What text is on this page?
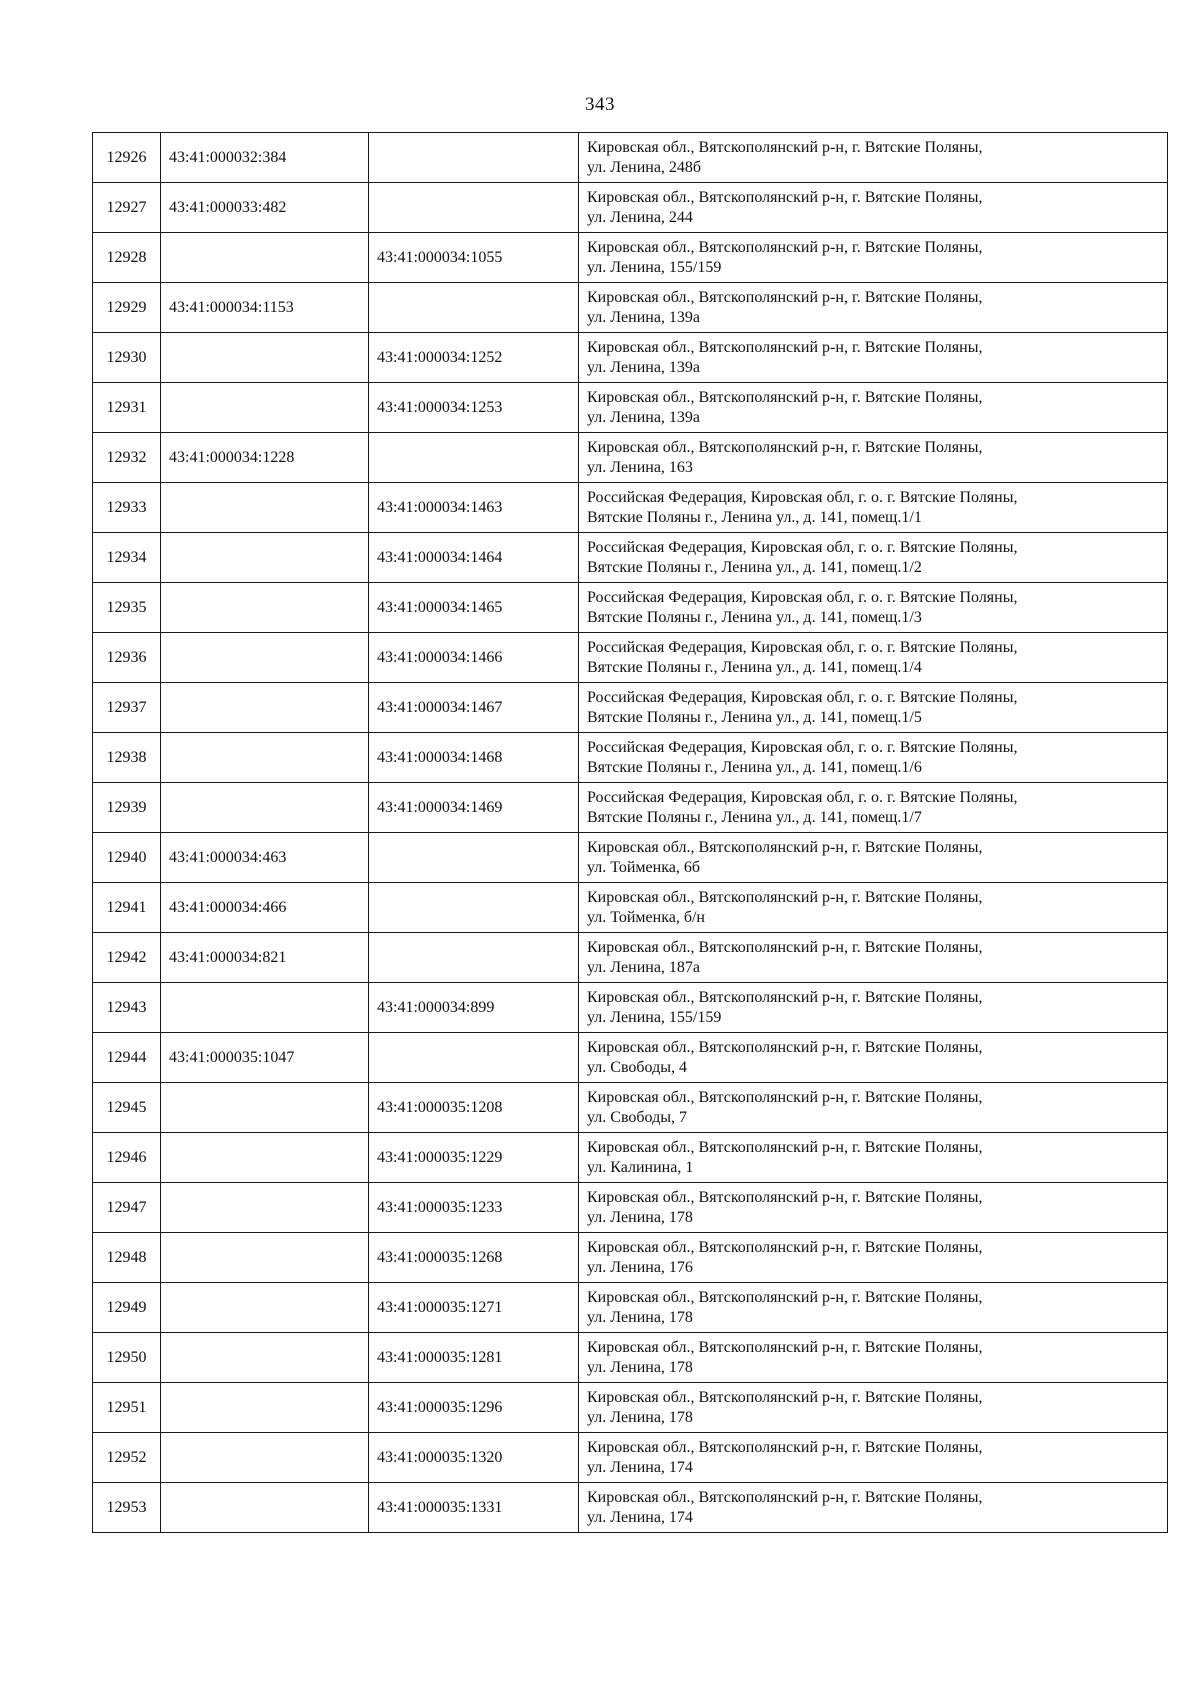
343
12926	43:41:000032:384		Кировская обл., Вятскополянский р-н, г. Вятские Поляны,
ул. Ленина, 248б

12927	43:41:000033:482		Кировская обл., Вятскополянский р-н, г. Вятские Поляны,
ул. Ленина, 244

12928		43:41:000034:1055	Кировская обл., Вятскополянский р-н, г. Вятские Поляны,
ул. Ленина, 155/159

12929	43:41:000034:1153		Кировская обл., Вятскополянский р-н, г. Вятские Поляны,
ул. Ленина, 139а

12930		43:41:000034:1252	Кировская обл., Вятскополянский р-н, г. Вятские Поляны,
ул. Ленина, 139а

12931		43:41:000034:1253	Кировская обл., Вятскополянский р-н, г. Вятские Поляны,
ул. Ленина, 139а

12932	43:41:000034:1228		Кировская обл., Вятскополянский р-н, г. Вятские Поляны,
ул. Ленина, 163

12933		43:41:000034:1463	Российская Федерация, Кировская обл, г. о. г. Вятские Поляны,
Вятские Поляны г., Ленина ул., д. 141, помещ.1/1

12934		43:41:000034:1464	Российская Федерация, Кировская обл, г. о. г. Вятские Поляны,
Вятские Поляны г., Ленина ул., д. 141, помещ.1/2

12935		43:41:000034:1465	Российская Федерация, Кировская обл, г. о. г. Вятские Поляны,
Вятские Поляны г., Ленина ул., д. 141, помещ.1/3

12936		43:41:000034:1466	Российская Федерация, Кировская обл, г. о. г. Вятские Поляны,
Вятские Поляны г., Ленина ул., д. 141, помещ.1/4

12937		43:41:000034:1467	Российская Федерация, Кировская обл, г. о. г. Вятские Поляны,
Вятские Поляны г., Ленина ул., д. 141, помещ.1/5

12938		43:41:000034:1468	Российская Федерация, Кировская обл, г. о. г. Вятские Поляны,
Вятские Поляны г., Ленина ул., д. 141, помещ.1/6

12939		43:41:000034:1469	Российская Федерация, Кировская обл, г. о. г. Вятские Поляны,
Вятские Поляны г., Ленина ул., д. 141, помещ.1/7

12940	43:41:000034:463		Кировская обл., Вятскополянский р-н, г. Вятские Поляны,
ул. Тойменка, 6б

12941	43:41:000034:466		Кировская обл., Вятскополянский р-н, г. Вятские Поляны,
ул. Тойменка, б/н

12942	43:41:000034:821		Кировская обл., Вятскополянский р-н, г. Вятские Поляны,
ул. Ленина, 187а

12943		43:41:000034:899	Кировская обл., Вятскополянский р-н, г. Вятские Поляны,
ул. Ленина, 155/159

12944	43:41:000035:1047		Кировская обл., Вятскополянский р-н, г. Вятские Поляны,
ул. Свободы, 4

12945		43:41:000035:1208	Кировская обл., Вятскополянский р-н, г. Вятские Поляны,
ул. Свободы, 7

12946		43:41:000035:1229	Кировская обл., Вятскополянский р-н, г. Вятские Поляны,
ул. Калинина, 1

12947		43:41:000035:1233	Кировская обл., Вятскополянский р-н, г. Вятские Поляны,
ул. Ленина, 178

12948		43:41:000035:1268	Кировская обл., Вятскополянский р-н, г. Вятские Поляны,
ул. Ленина, 176

12949		43:41:000035:1271	Кировская обл., Вятскополянский р-н, г. Вятские Поляны,
ул. Ленина, 178

12950		43:41:000035:1281	Кировская обл., Вятскополянский р-н, г. Вятские Поляны,
ул. Ленина, 178

12951		43:41:000035:1296	Кировская обл., Вятскополянский р-н, г. Вятские Поляны,
ул. Ленина, 178

12952		43:41:000035:1320	Кировская обл., Вятскополянский р-н, г. Вятские Поляны,
ул. Ленина, 174

12953		43:41:000035:1331	Кировская обл., Вятскополянский р-н, г. Вятские Поляны,
ул. Ленина, 174
